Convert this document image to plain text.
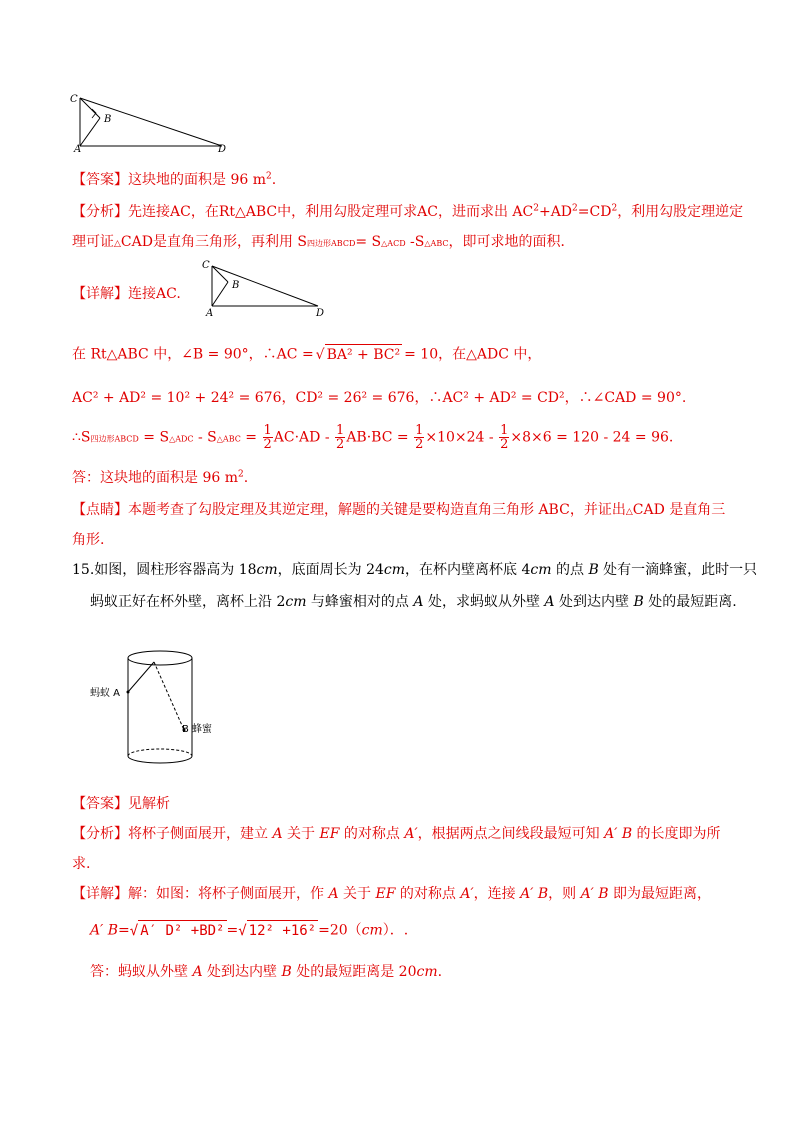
C
B
A	D
【答案】这块地的面积是 96 $m^2$.
【分析】先连接AC，在Rt△ABC中，利用勾股定理可求AC，进而求出 $AC^2+AD^2=CD^2$，利用勾股定理逆定
理可证△CAD是直角三角形，再利用 S四边形ABCD= S△ACD -S△ABC，即可求地的面积．
【详解】连接AC.
C
B
A	D
在 Rt△ABC 中，∠B = 90°，∴AC = √ BA² + BC² = 10，在△ADC 中，
AC² + AD² = 10² + 24² = 676，CD² = 26² = 676，∴AC² + AD² = CD²，∴∠CAD = 90°.
∴S四边形ABCD = S△ADC - S△ABC = $\frac{1}{2} AC\cdot AD - \frac{1}{2} AB\cdot BC = \frac{1}{2} \times 10\times 24 - \frac{1}{2} \times 8\times 6 = 120 - 24 = 96$.
答：这块地的面积是 96 $m^2$.
【点睛】本题考查了勾股定理及其逆定理，解题的关键是要构造直角三角形 ABC，并证出△CAD 是直角三
角形.
15.如图，圆柱形容器高为 18cm，底面周长为 24cm，在杯内壁离杯底 4cm 的点 B 处有一滴蜂蜜，此时一只
蚂蚁正好在杯外壁，离杯上沿 2cm 与蜂蜜相对的点 A 处，求蚂蚁从外壁 A 处到达内壁 B 处的最短距离.
蚂蚁 A
B 蜂蜜
【答案】见解析
【分析】将杯子侧面展开，建立 A 关于 EF 的对称点 A′，根据两点之间线段最短可知 A′ B 的长度即为所
求.
【详解】解：如图：将杯子侧面展开，作 A 关于 EF 的对称点 A′，连接 A′ B，则 A′ B 即为最短距离，
A′ B=√ A′ D² +BD² =√ 12² +16² =20（cm）．.
答：蚂蚁从外壁 A 处到达内壁 B 处的最短距离是 20cm.
